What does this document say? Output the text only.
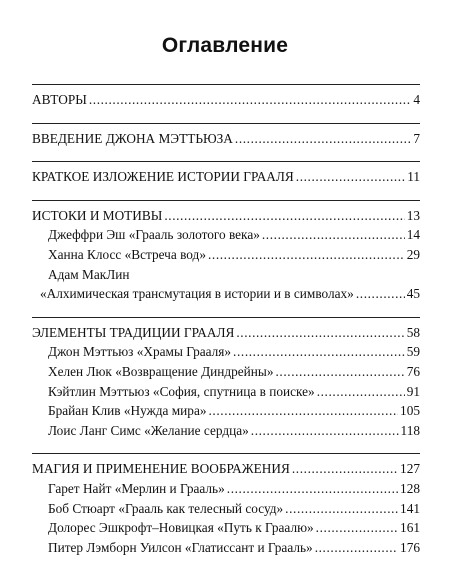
Оглавление
АВТОРЫ .....	4
ВВЕДЕНИЕ ДЖОНА МЭТТЬЮЗА .....	7
КРАТКОЕ ИЗЛОЖЕНИЕ ИСТОРИИ ГРААЛЯ .....	11
ИСТОКИ И МОТИВЫ .....	13
Джеффри Эш «Грааль золотого века» .....	14
Ханна Клосс «Встреча вод» .....	29
Адам МакЛин
«Алхимическая трансмутация в истории и в символах» .....	45
ЭЛЕМЕНТЫ ТРАДИЦИИ ГРААЛЯ .....	58
Джон Мэттьюз «Храмы Грааля» .....	59
Хелен Люк «Возвращение Диндрейны» .....	76
Кэйтлин Мэттьюз «София, спутница в поиске» .....	91
Брайан Клив «Нужда мира» .....	105
Лоис Ланг Симс «Желание сердца» .....	118
МАГИЯ И ПРИМЕНЕНИЕ ВООБРАЖЕНИЯ .....	127
Гарет Найт «Мерлин и Грааль» .....	128
Боб Стюарт «Грааль как телесный сосуд» .....	141
Долорес Эшкрофт–Новицкая «Путь к Граалю» .....	161
Питер Лэмборн Уилсон «Глатиссант и Грааль» .....	176
